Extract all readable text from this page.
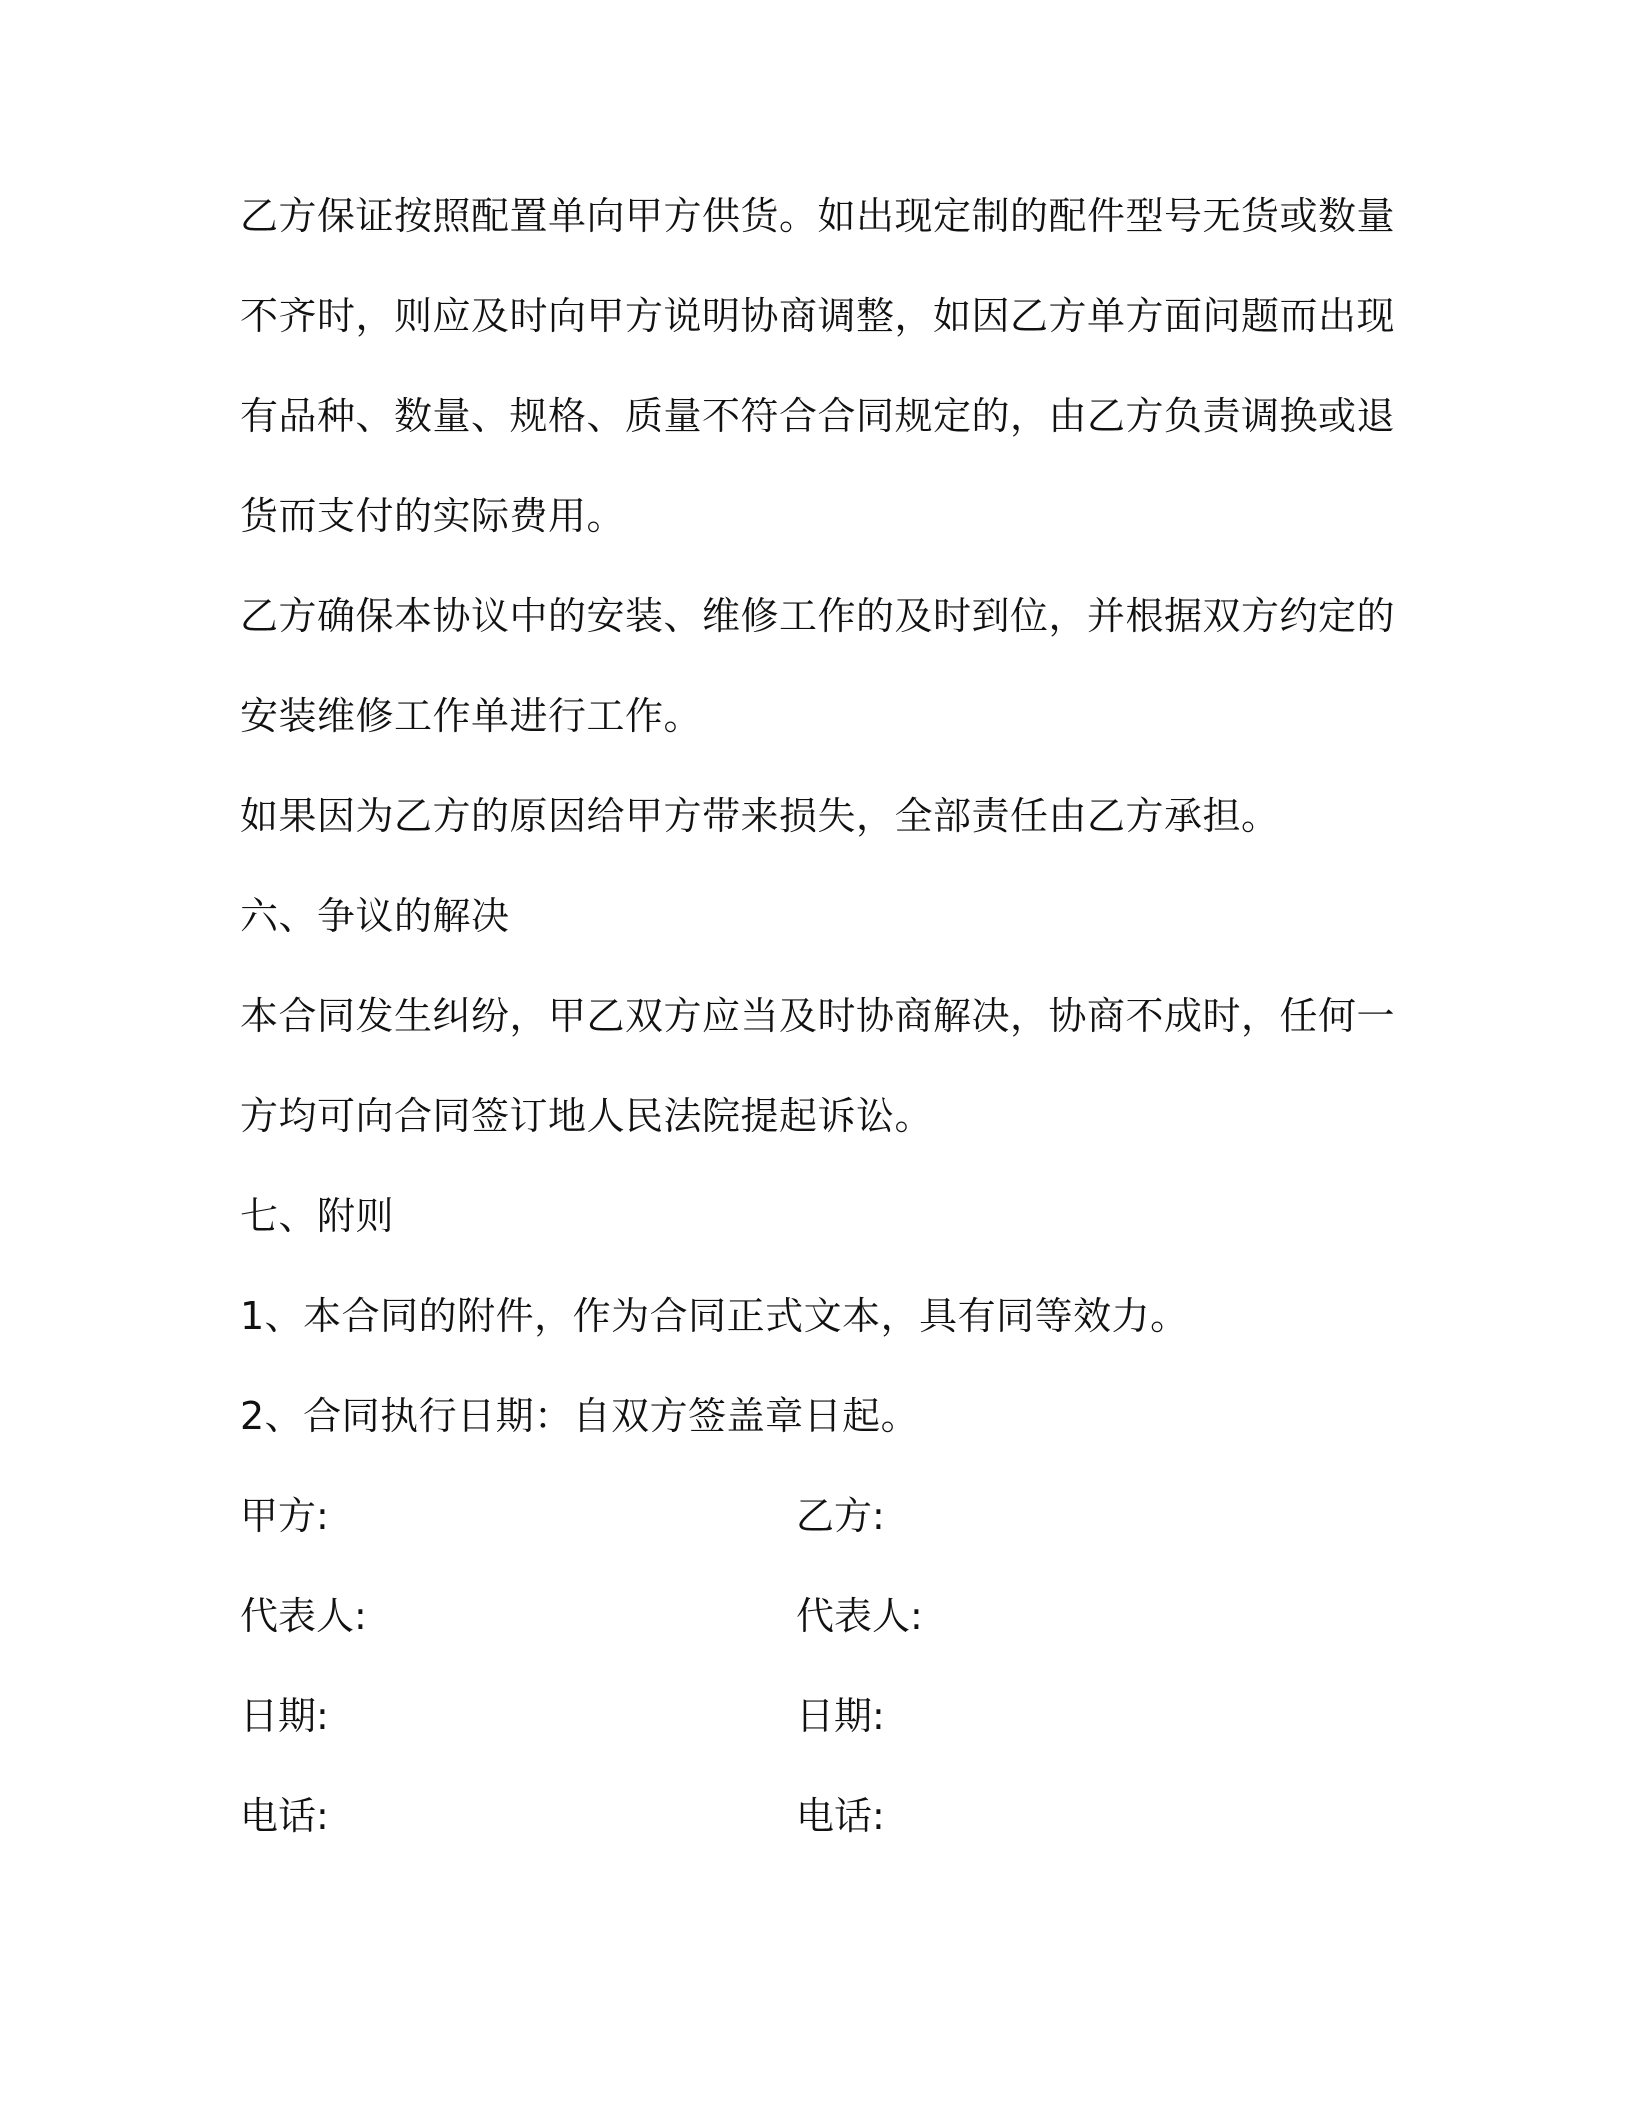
乙方保证按照配置单向甲方供货。如出现定制的配件型号无货或数量
不齐时，则应及时向甲方说明协商调整，如因乙方单方面问题而出现
有品种、数量、规格、质量不符合合同规定的，由乙方负责调换或退
货而支付的实际费用。
乙方确保本协议中的安装、维修工作的及时到位，并根据双方约定的
安装维修工作单进行工作。
如果因为乙方的原因给甲方带来损失，全部责任由乙方承担。
六、争议的解决
本合同发生纠纷，甲乙双方应当及时协商解决，协商不成时，任何一
方均可向合同签订地人民法院提起诉讼。
七、附则
1、本合同的附件，作为合同正式文本，具有同等效力。
2、合同执行日期：自双方签盖章日起。
甲方:	乙方:
代表人:	代表人:
日期:	日期:
电话:	电话:
